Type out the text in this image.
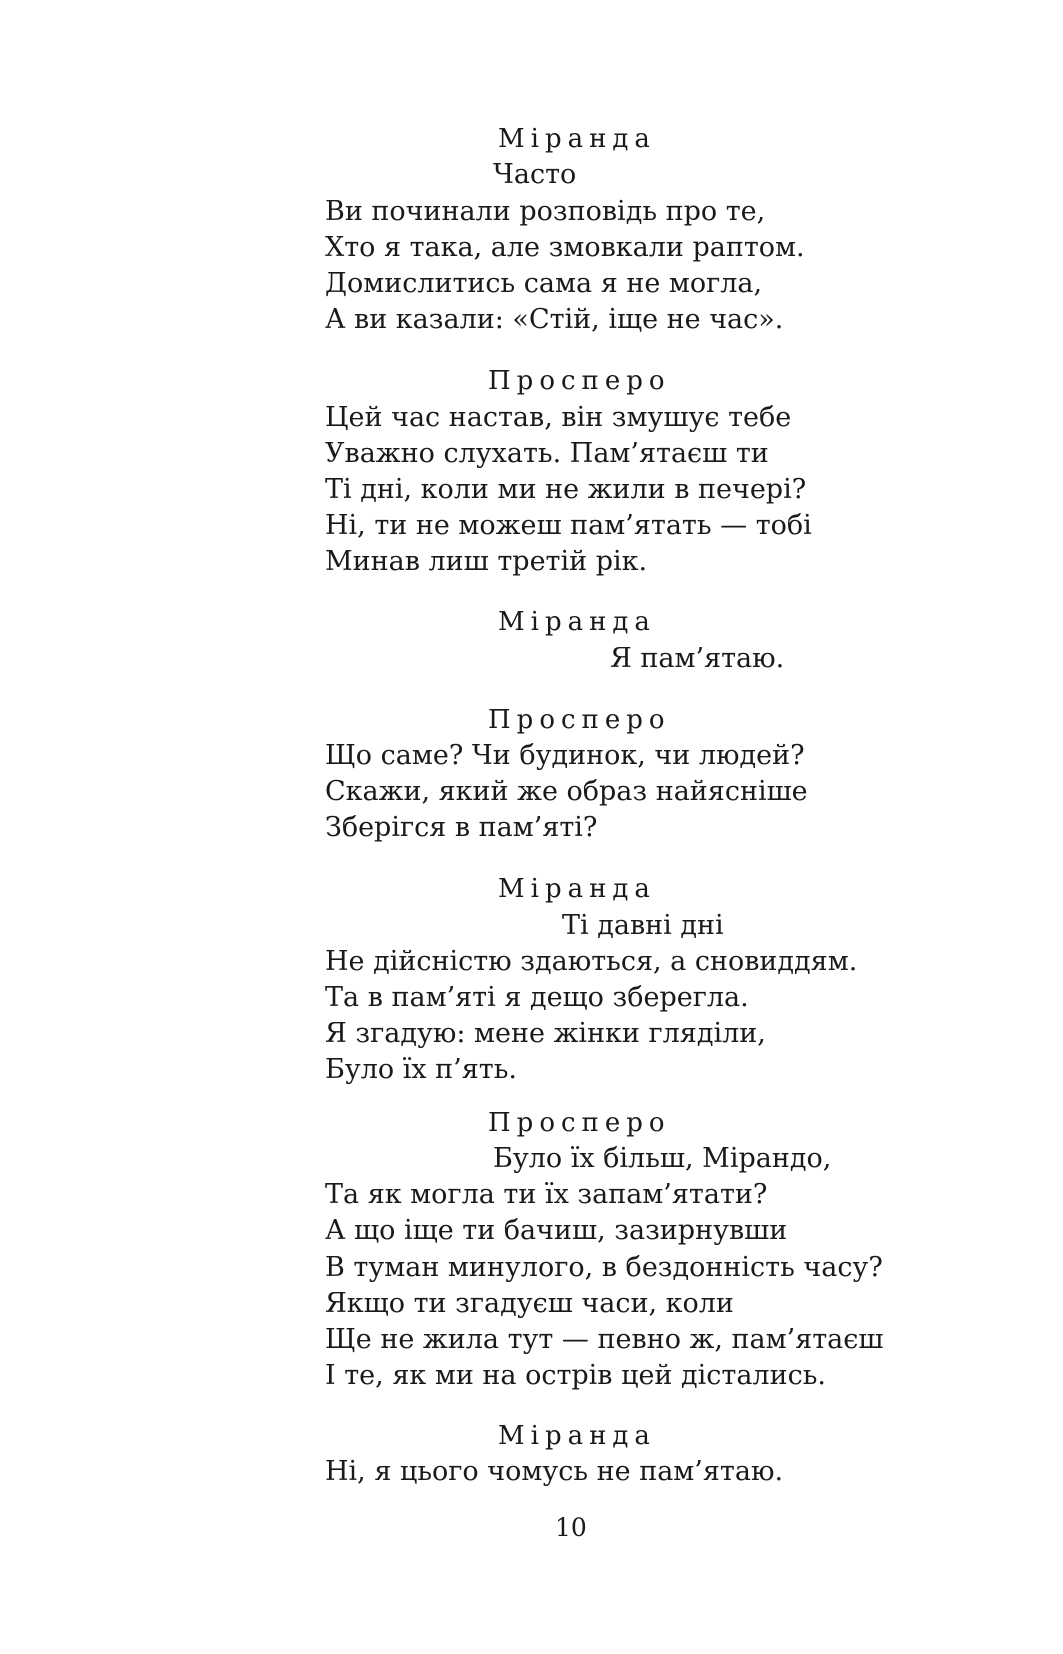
Міранда
Часто
Ви починали розповідь про те,
Хто я така, але змовкали раптом.
Домислитись сама я не могла,
А ви казали: «Стій, іще не час».
Просперо
Цей час настав, він змушує тебе
Уважно слухать. Пам’ятаєш ти
Ті дні, коли ми не жили в печері?
Ні, ти не можеш пам’ятать — тобі
Минав лиш третій рік.
Міранда
Я пам’ятаю.
Просперо
Що саме? Чи будинок, чи людей?
Скажи, який же образ найясніше
Зберігся в пам’яті?
Міранда
Ті давні дні
Не дійсністю здаються, а сновиддям.
Та в пам’яті я дещо зберегла.
Я згадую: мене жінки гляділи,
Було їх п’ять.
Просперо
Було їх більш, Мірандо,
Та як могла ти їх запам’ятати?
А що іще ти бачиш, зазирнувши
В туман минулого, в бездонність часу?
Якщо ти згадуєш часи, коли
Ще не жила тут — певно ж, пам’ятаєш
І те, як ми на острів цей дістались.
Міранда
Ні, я цього чомусь не пам’ятаю.
10
